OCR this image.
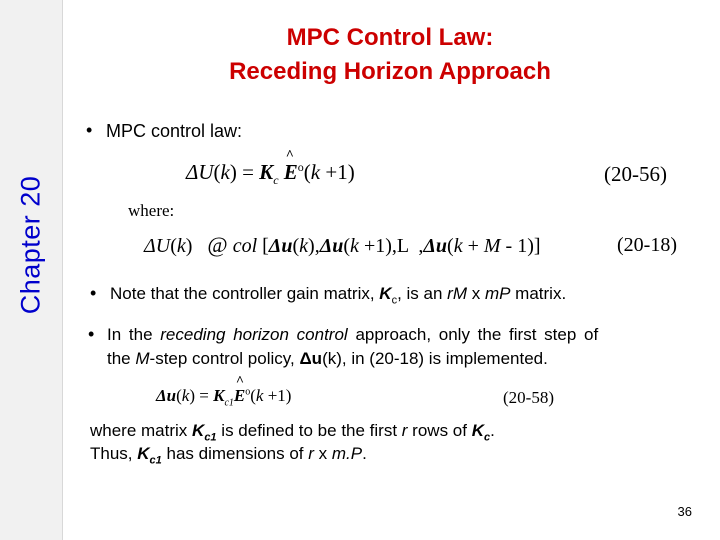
Chapter 20
MPC Control Law:
Receding Horizon Approach
• MPC control law:
$\Delta U(k) = K_c$ ^ $E^o(k +1)$	(20-56)
where:
ΔU(k)   @ col [Δu(k),Δu(k +1),L  ,Δu(k + M - 1)]	(20-18)
• Note that the controller gain matrix, $K_c$, is an rM x mP matrix.
• In the receding horizon control approach, only the first step of
the M-step control policy, Δu(k), in (20-18) is implemented.
$\Delta u(k) = K_{c1}\^{}$ $E^o(k +1)$	(20-58)
where matrix $K_{c1}$ is defined to be the first r rows of $K_c$.
Thus, $K_{c1}$ has dimensions of r x m.P.
36
